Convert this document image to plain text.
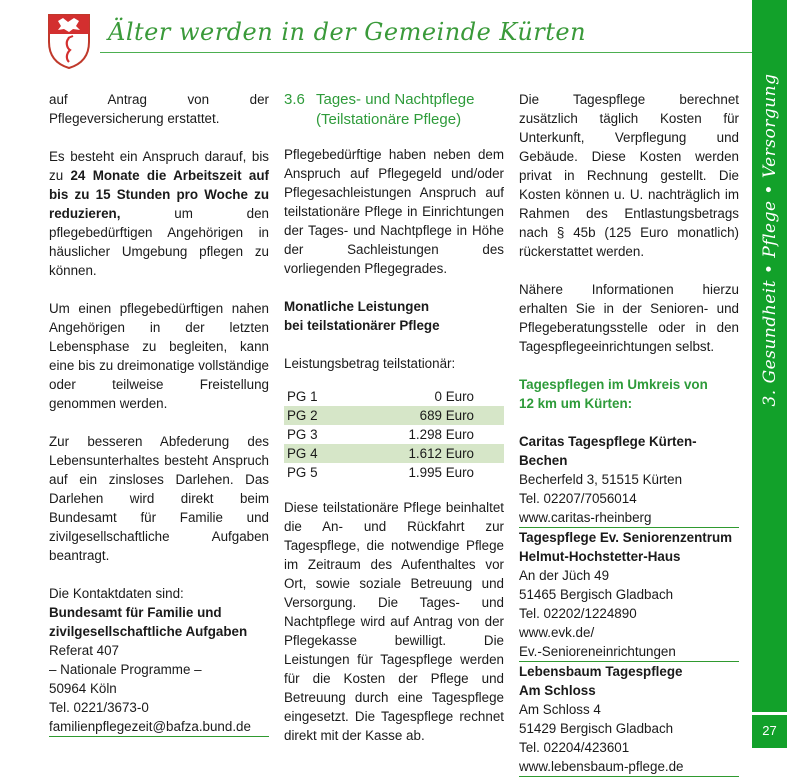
Älter werden in der Gemeinde Kürten
3. Gesundheit • Pflege • Versorgung
27

auf Antrag von der Pflegeversicherung erstattet.

Es besteht ein Anspruch darauf, bis zu 24 Monate die Arbeitszeit auf bis zu 15 Stunden pro Woche zu reduzieren, um den pflegebedürftigen Angehörigen in häuslicher Umgebung pflegen zu können.

Um einen pflegebedürftigen nahen Angehörigen in der letzten Lebensphase zu begleiten, kann eine bis zu dreimonatige vollständige oder teilweise Freistellung genommen werden.

Zur besseren Abfederung des Lebensunterhaltes besteht Anspruch auf ein zinsloses Darlehen. Das Darlehen wird direkt beim Bundesamt für Familie und zivilgesellschaftliche Aufgaben beantragt.

Die Kontaktdaten sind:

Bundesamt für Familie und zivilgesellschaftliche Aufgaben

Referat 407

– Nationale Programme –

50964 Köln

Tel. 0221/3673-0

familienpflegezeit@bafza.bund.de

3.6 Tages- und Nachtpflege
(Teilstationäre Pflege)

Pflegebedürftige haben neben dem Anspruch auf Pflegegeld und/oder Pflegesachleistungen Anspruch auf teilstationäre Pflege in Einrichtungen der Tages- und Nachtpflege in Höhe der Sachleistungen des vorliegenden Pflegegrades.

Monatliche Leistungen

bei teilstationärer Pflege

Leistungsbetrag teilstationär:

PG 1	0 Euro
PG 2	689 Euro
PG 3	1.298 Euro
PG 4	1.612 Euro
PG 5	1.995 Euro

Diese teilstationäre Pflege beinhaltet die An- und Rückfahrt zur Tagespflege, die notwendige Pflege im Zeitraum des Aufenthaltes vor Ort, sowie soziale Betreuung und Versorgung. Die Tages- und Nachtpflege wird auf Antrag von der Pflegekasse bewilligt. Die Leistungen für Tagespflege werden für die Kosten der Pflege und Betreuung durch eine Tagespflege eingesetzt. Die Tagespflege rechnet direkt mit der Kasse ab.

Die Tagespflege berechnet zusätzlich täglich Kosten für Unterkunft, Verpflegung und Gebäude. Diese Kosten werden privat in Rechnung gestellt. Die Kosten können u. U. nachträglich im Rahmen des Entlastungsbetrags nach § 45b (125 Euro monatlich) rückerstattet werden.

Nähere Informationen hierzu erhalten Sie in der Senioren- und Pflegeberatungsstelle oder in den Tagespflegeeinrichtungen selbst.

Tagespflegen im Umkreis von

12 km um Kürten:

Caritas Tagespflege Kürten-Bechen

Becherfeld 3, 51515 Kürten

Tel. 02207/7056014

www.caritas-rheinberg

Tagespflege Ev. Seniorenzentrum

Helmut-Hochstetter-Haus

An der Jüch 49

51465 Bergisch Gladbach

Tel. 02202/1224890

www.evk.de/

Ev.-Senioreneinrichtungen

Lebensbaum Tagespflege

Am Schloss

Am Schloss 4

51429 Bergisch Gladbach

Tel. 02204/423601

www.lebensbaum-pflege.de
